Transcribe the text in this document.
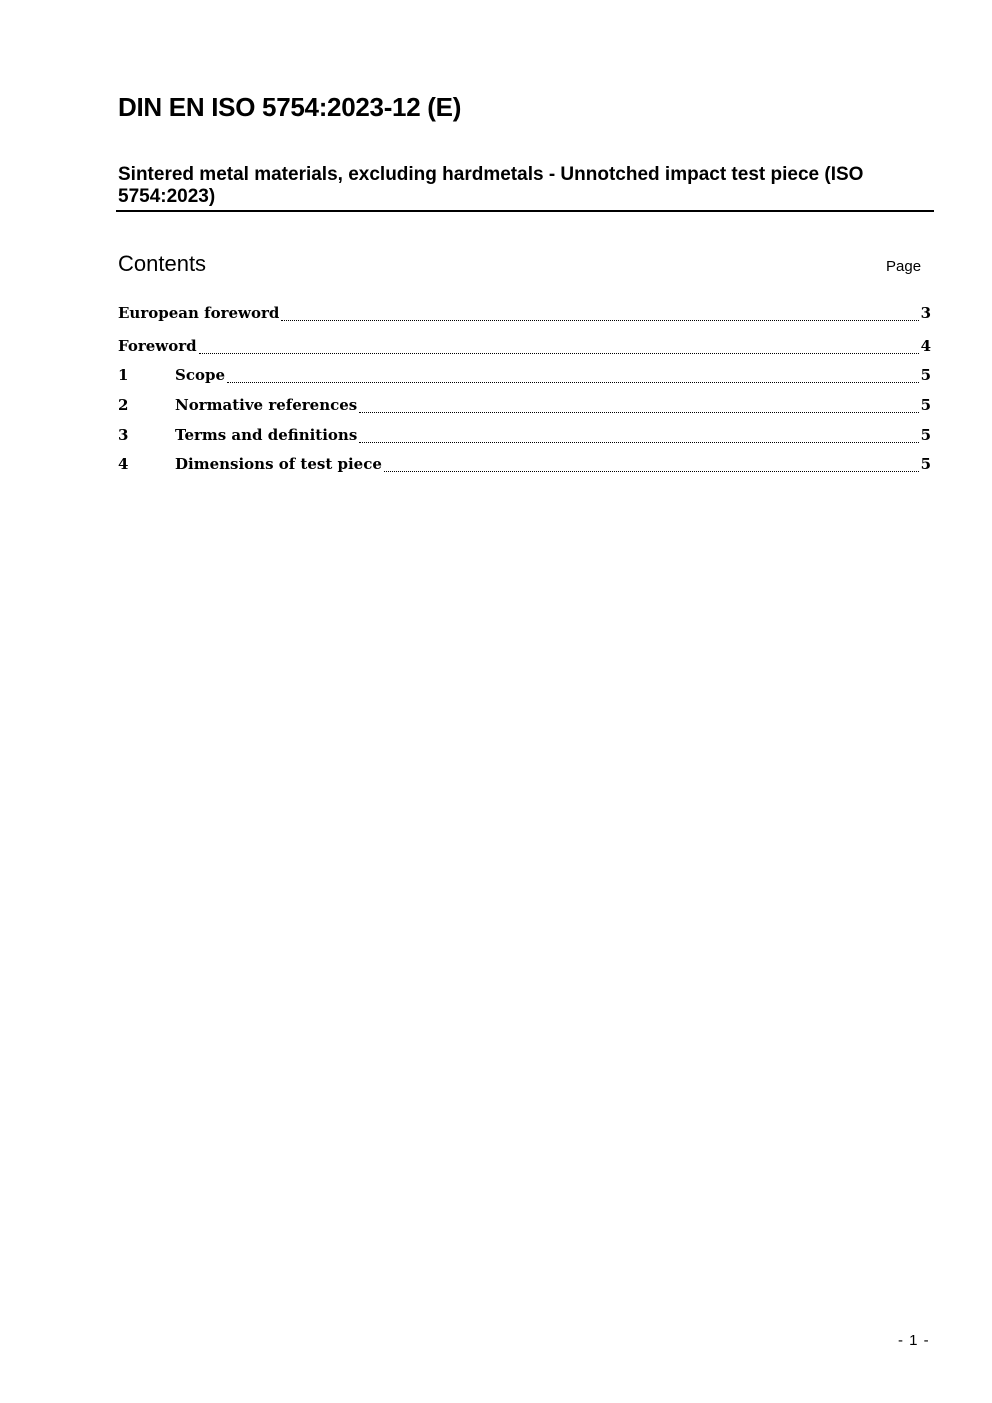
DIN EN ISO 5754:2023-12 (E)
Sintered metal materials, excluding hardmetals - Unnotched impact test piece (ISO 5754:2023)
Contents	Page
European foreword	3
Foreword	4
1	Scope	5
2	Normative references	5
3	Terms and definitions	5
4	Dimensions of test piece	5
- 1 -
